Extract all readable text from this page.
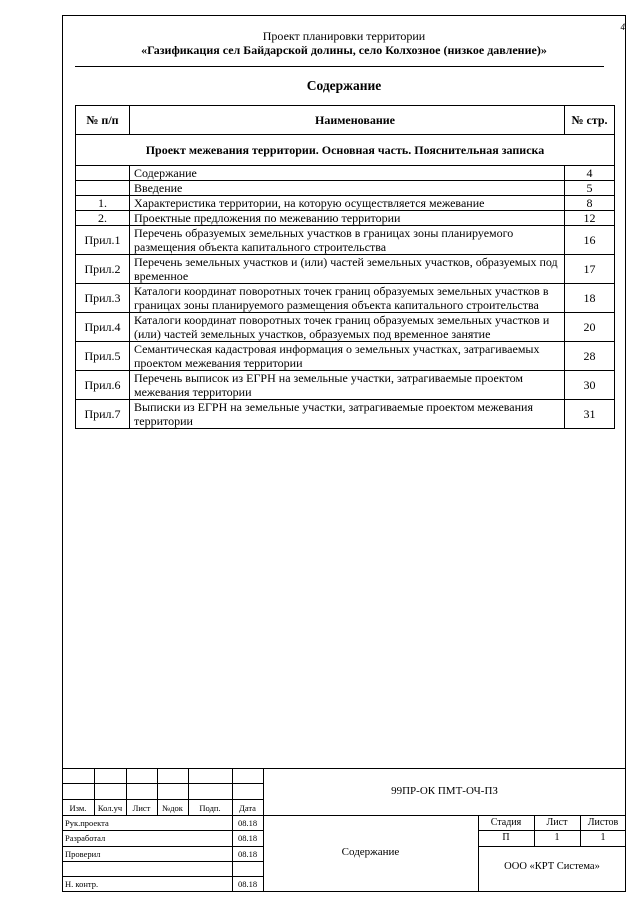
4
Проект планировки территории
«Газификация сел Байдарской долины, село Колхозное (низкое давление)»
Содержание
№ п/п	Наименование	№ стр.
Проект межевания территории. Основная часть. Пояснительная записка		
	Содержание	4
	Введение	5
1.	Характеристика территории, на которую осуществляется межевание	8
2.	Проектные предложения по межеванию территории	12
Прил.1	Перечень образуемых земельных участков в границах зоны планируемого размещения объекта капитального строительства	16
Прил.2	Перечень земельных участков и (или) частей земельных участков, образуемых под временное	17
Прил.3	Каталоги координат поворотных точек границ образуемых земельных участков в границах зоны планируемого размещения объекта капитального строительства	18
Прил.4	Каталоги координат поворотных точек границ образуемых земельных участков и (или) частей земельных участков, образуемых под временное занятие	20
Прил.5	Семантическая кадастровая информация о земельных участках, затрагиваемых проектом межевания территории	28
Прил.6	Перечень выписок из ЕГРН на земельные участки, затрагиваемые проектом межевания территории	30
Прил.7	Выписки из ЕГРН на земельные участки, затрагиваемые проектом межевания территории	31
Изм.	Кол.уч	Лист	№док	Подп.	Дата
Рук.проекта	08.18
Разработал	08.18
Проверил	08.18
Н. контр.	08.18
99ПР-ОК ПМТ-ОЧ-ПЗ
Содержание
Стадия	Лист	Листов
П	1	1
ООО «КРТ Система»
